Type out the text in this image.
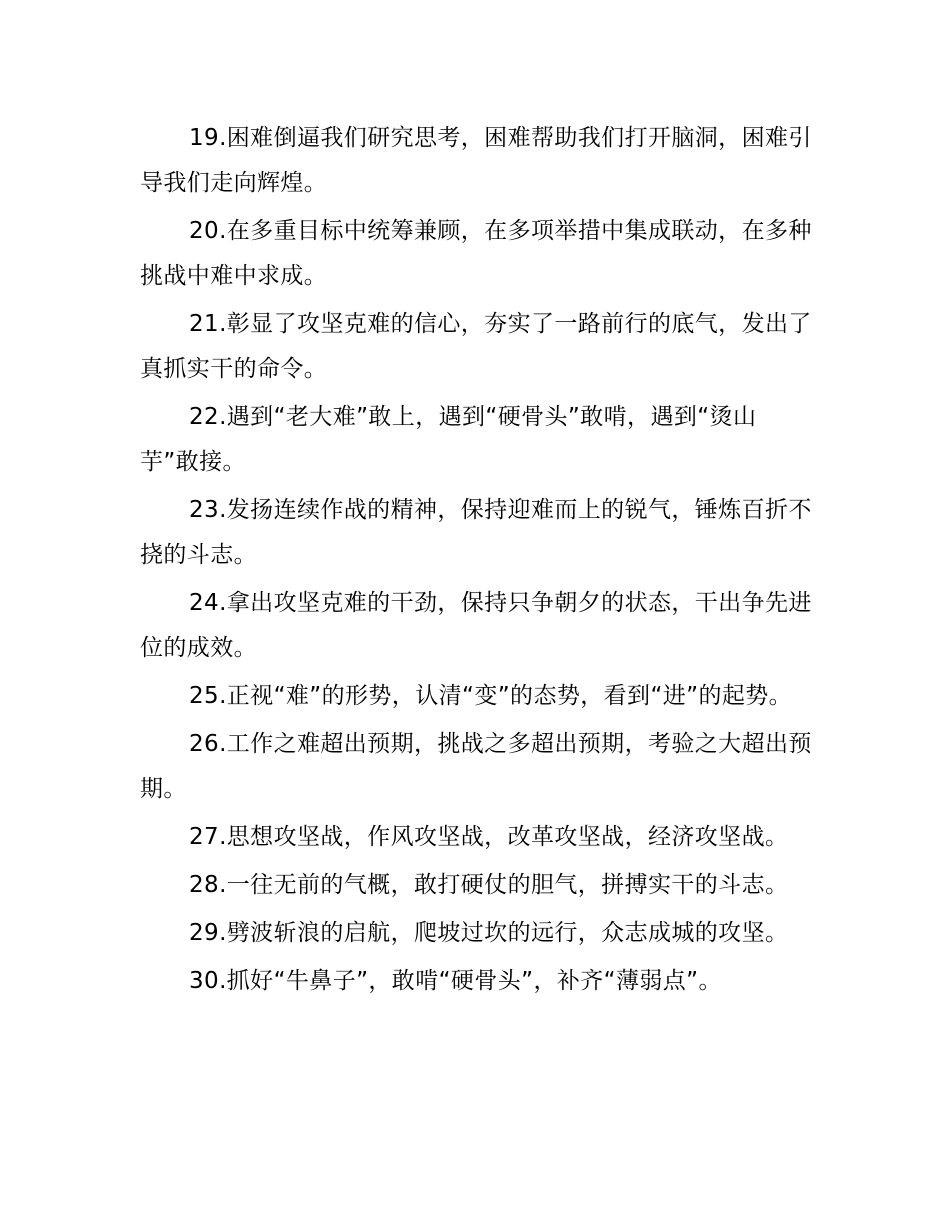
19.困难倒逼我们研究思考，困难帮助我们打开脑洞，困难引导我们走向辉煌。

20.在多重目标中统筹兼顾，在多项举措中集成联动，在多种挑战中难中求成。

21.彰显了攻坚克难的信心，夯实了一路前行的底气，发出了真抓实干的命令。

22.遇到“老大难”敢上，遇到“硬骨头”敢啃，遇到“烫山芋”敢接。

23.发扬连续作战的精神，保持迎难而上的锐气，锤炼百折不挠的斗志。

24.拿出攻坚克难的干劲，保持只争朝夕的状态，干出争先进位的成效。

25.正视“难”的形势，认清“变”的态势，看到“进”的起势。

26.工作之难超出预期，挑战之多超出预期，考验之大超出预期。

27.思想攻坚战，作风攻坚战，改革攻坚战，经济攻坚战。

28.一往无前的气概，敢打硬仗的胆气，拼搏实干的斗志。

29.劈波斩浪的启航，爬坡过坎的远行，众志成城的攻坚。

30.抓好“牛鼻子”，敢啃“硬骨头”，补齐“薄弱点”。
